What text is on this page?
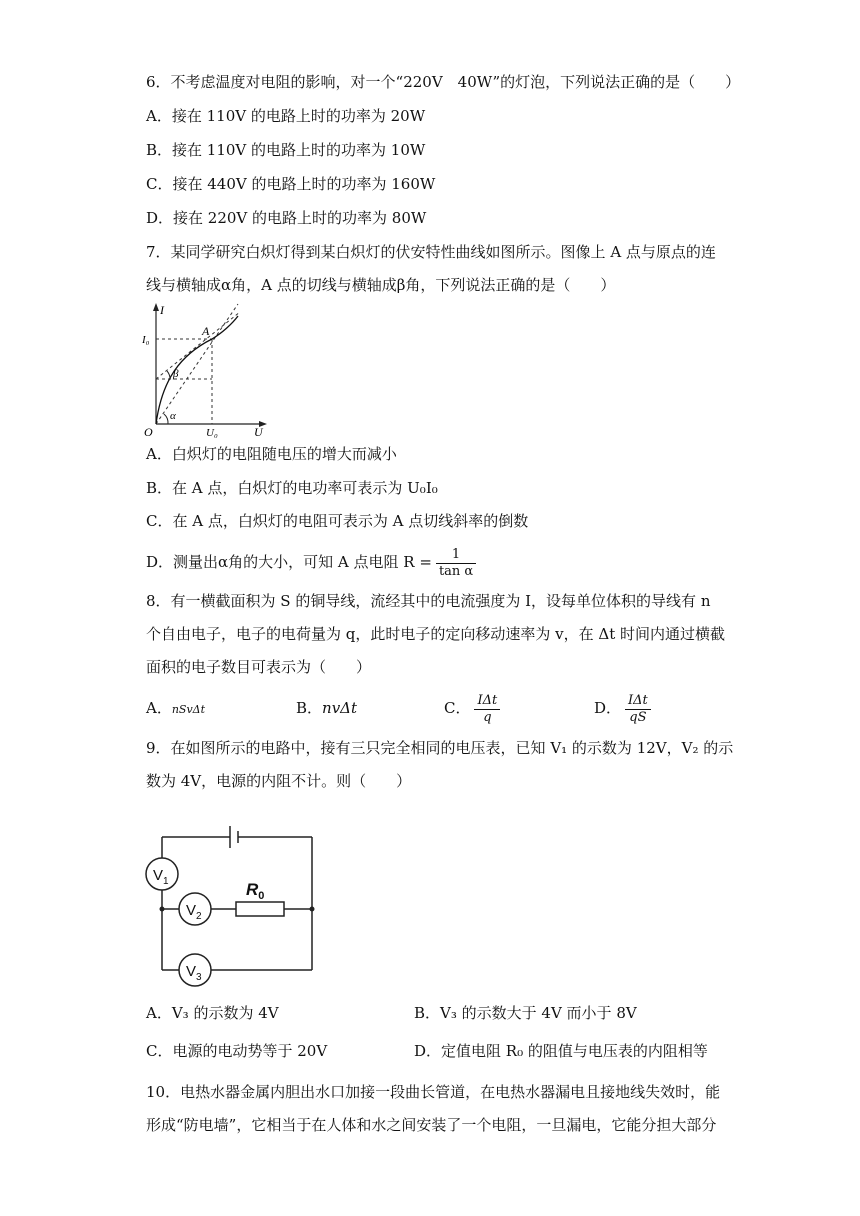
6．不考虑温度对电阻的影响，对一个“220V　40W”的灯泡，下列说法正确的是（　　）
A．接在 110V 的电路上时的功率为 20W
B．接在 110V 的电路上时的功率为 10W
C．接在 440V 的电路上时的功率为 160W
D．接在 220V 的电路上时的功率为 80W
7．某同学研究白炽灯得到某白炽灯的伏安特性曲线如图所示。图像上 A 点与原点的连
线与横轴成α角，A 点的切线与横轴成β角，下列说法正确的是（　　）
I
U
O
A
I₀
U₀
α
β
A．白炽灯的电阻随电压的增大而减小
B．在 A 点，白炽灯的电功率可表示为 U₀I₀
C．在 A 点，白炽灯的电阻可表示为 A 点切线斜率的倒数
D．测量出α角的大小，可知 A 点电阻 $R = \frac{1}{\text{tan α}}$
8．有一横截面积为 S 的铜导线，流经其中的电流强度为 I，设每单位体积的导线有 n
个自由电子，电子的电荷量为 q，此时电子的定向移动速率为 v，在 Δt 时间内通过横截
面积的电子数目可表示为（　　）
A．nSvΔt	B．nvΔt	C． $\frac{\text{IΔt}}{q}$	D． $\frac{\text{IΔt}}{qS}$
9．在如图所示的电路中，接有三只完全相同的电压表，已知 V₁ 的示数为 12V，V₂ 的示
数为 4V，电源的内阻不计。则（　　）
$V_1$
$V_2$
$V_3$
$R_0$
A．V₃ 的示数为 4V	B．V₃ 的示数大于 4V 而小于 8V
C．电源的电动势等于 20V	D．定值电阻 R₀ 的阻值与电压表的内阻相等
10．电热水器金属内胆出水口加接一段曲长管道，在电热水器漏电且接地线失效时，能
形成“防电墙”，它相当于在人体和水之间安装了一个电阻，一旦漏电，它能分担大部分
